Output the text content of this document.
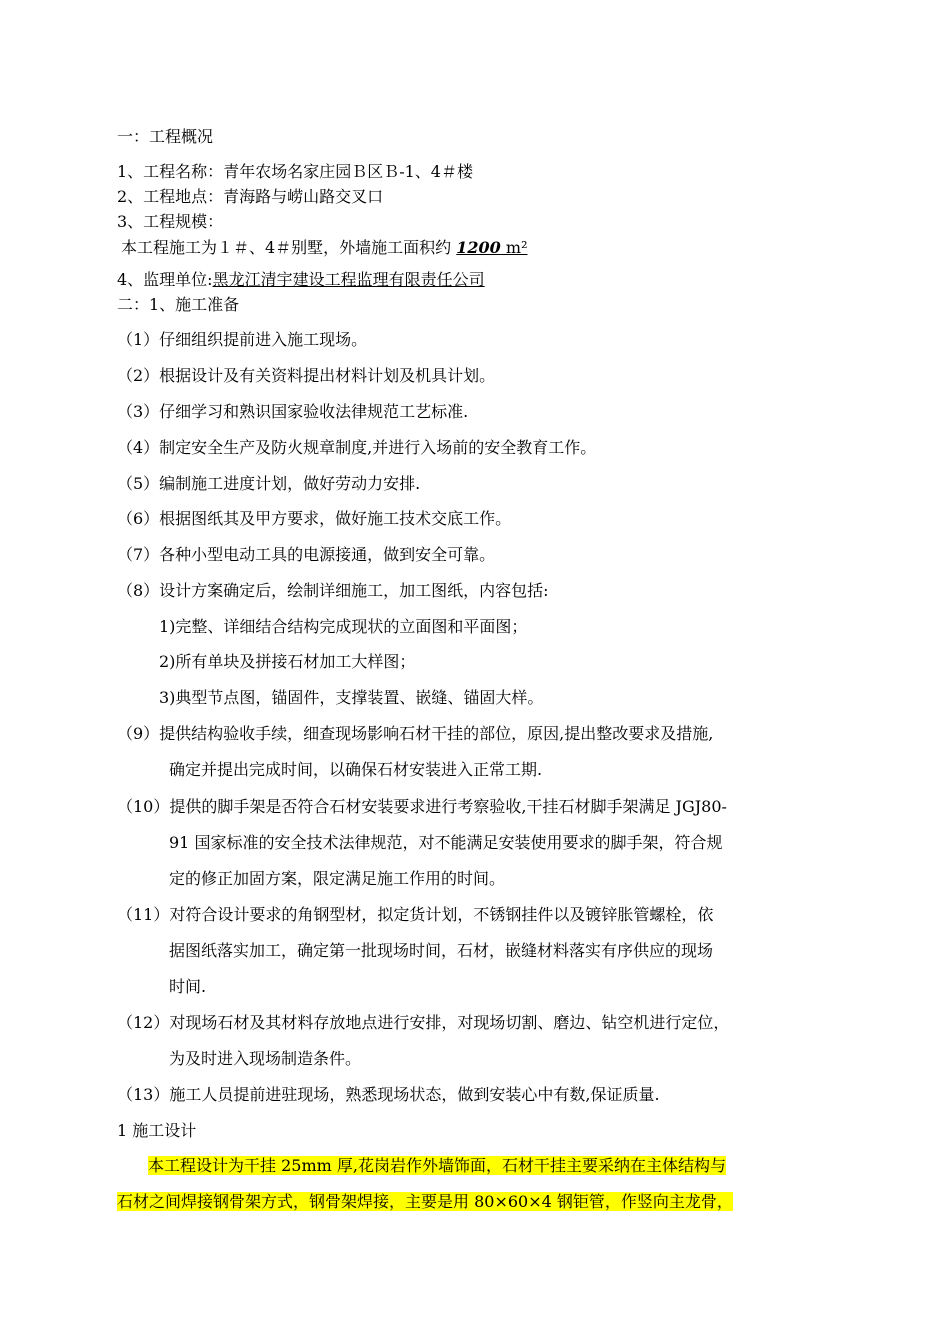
一：工程概况
1、工程名称：青年农场名家庄园Ｂ区Ｂ-1、4＃楼
2、工程地点：青海路与崂山路交叉口
3、工程规模：
本工程施工为１＃、4＃别墅，外墙施工面积约 1200 m²
4、监理单位:黑龙江清宇建设工程监理有限责任公司
二：1、施工准备
（1）仔细组织提前进入施工现场。
（2）根据设计及有关资料提出材料计划及机具计划。
（3）仔细学习和熟识国家验收法律规范工艺标准.
（4）制定安全生产及防火规章制度,并进行入场前的安全教育工作。
（5）编制施工进度计划，做好劳动力安排.
（6）根据图纸其及甲方要求，做好施工技术交底工作。
（7）各种小型电动工具的电源接通，做到安全可靠。
（8）设计方案确定后，绘制详细施工，加工图纸，内容包括:
1)完整、详细结合结构完成现状的立面图和平面图；
2)所有单块及拼接石材加工大样图；
3)典型节点图，锚固件，支撑装置、嵌缝、锚固大样。
（9）提供结构验收手续，细查现场影响石材干挂的部位，原因,提出整改要求及措施,
确定并提出完成时间，以确保石材安装进入正常工期.
（10）提供的脚手架是否符合石材安装要求进行考察验收,干挂石材脚手架满足 JGJ80-
91 国家标准的安全技术法律规范，对不能满足安装使用要求的脚手架，符合规
定的修正加固方案，限定满足施工作用的时间。
（11）对符合设计要求的角钢型材，拟定货计划，不锈钢挂件以及镀锌胀管螺栓，依
据图纸落实加工，确定第一批现场时间，石材，嵌缝材料落实有序供应的现场
时间.
（12）对现场石材及其材料存放地点进行安排，对现场切割、磨边、钻空机进行定位，
为及时进入现场制造条件。
（13）施工人员提前进驻现场，熟悉现场状态，做到安装心中有数,保证质量.
1 施工设计
本工程设计为干挂 25mm 厚,花岗岩作外墙饰面，石材干挂主要采纳在主体结构与
石材之间焊接钢骨架方式，钢骨架焊接，主要是用 80×60×4 钢钜管，作竖向主龙骨，
